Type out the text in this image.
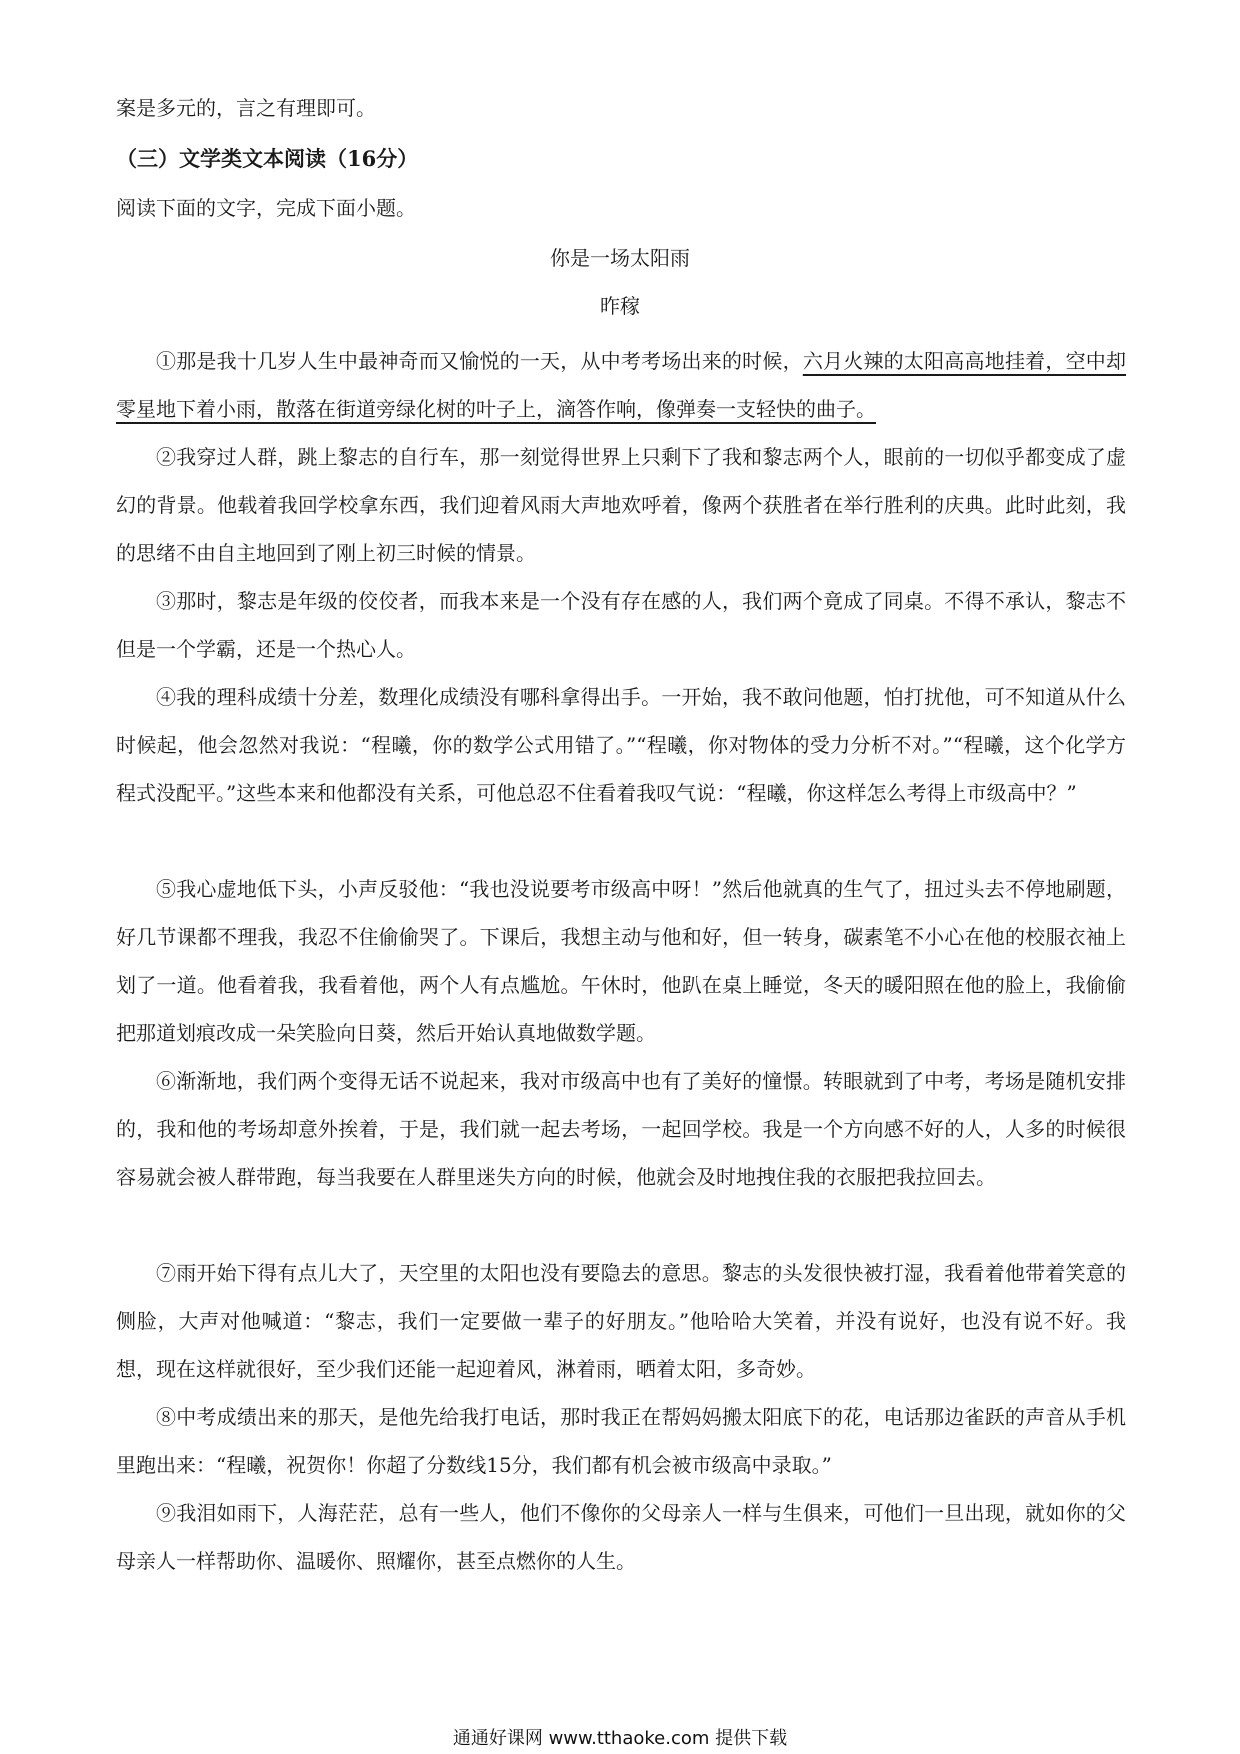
案是多元的，言之有理即可。
（三）文学类文本阅读（16分）
阅读下面的文字，完成下面小题。
你是一场太阳雨
昨稼

①那是我十几岁人生中最神奇而又愉悦的一天，从中考考场出来的时候，六月火辣的太阳高高地挂着，空中却零星地下着小雨，散落在街道旁绿化树的叶子上，滴答作响，像弹奏一支轻快的曲子。

②我穿过人群，跳上黎志的自行车，那一刻觉得世界上只剩下了我和黎志两个人，眼前的一切似乎都变成了虚幻的背景。他载着我回学校拿东西，我们迎着风雨大声地欢呼着，像两个获胜者在举行胜利的庆典。此时此刻，我的思绪不由自主地回到了刚上初三时候的情景。

③那时，黎志是年级的佼佼者，而我本来是一个没有存在感的人，我们两个竟成了同桌。不得不承认，黎志不但是一个学霸，还是一个热心人。

④我的理科成绩十分差，数理化成绩没有哪科拿得出手。一开始，我不敢问他题，怕打扰他，可不知道从什么时候起，他会忽然对我说：“程曦，你的数学公式用错了。”“程曦，你对物体的受力分析不对。”“程曦，这个化学方程式没配平。”这些本来和他都没有关系，可他总忍不住看着我叹气说：“程曦，你这样怎么考得上市级高中？”

⑤我心虚地低下头，小声反驳他：“我也没说要考市级高中呀！”然后他就真的生气了，扭过头去不停地刷题，好几节课都不理我，我忍不住偷偷哭了。下课后，我想主动与他和好，但一转身，碳素笔不小心在他的校服衣袖上划了一道。他看着我，我看着他，两个人有点尴尬。午休时，他趴在桌上睡觉，冬天的暖阳照在他的脸上，我偷偷把那道划痕改成一朵笑脸向日葵，然后开始认真地做数学题。

⑥渐渐地，我们两个变得无话不说起来，我对市级高中也有了美好的憧憬。转眼就到了中考，考场是随机安排的，我和他的考场却意外挨着，于是，我们就一起去考场，一起回学校。我是一个方向感不好的人，人多的时候很容易就会被人群带跑，每当我要在人群里迷失方向的时候，他就会及时地拽住我的衣服把我拉回去。

⑦雨开始下得有点儿大了，天空里的太阳也没有要隐去的意思。黎志的头发很快被打湿，我看着他带着笑意的侧脸，大声对他喊道：“黎志，我们一定要做一辈子的好朋友。”他哈哈大笑着，并没有说好，也没有说不好。我想，现在这样就很好，至少我们还能一起迎着风，淋着雨，晒着太阳，多奇妙。

⑧中考成绩出来的那天，是他先给我打电话，那时我正在帮妈妈搬太阳底下的花，电话那边雀跃的声音从手机里跑出来：“程曦，祝贺你！你超了分数线15分，我们都有机会被市级高中录取。”

⑨我泪如雨下，人海茫茫，总有一些人，他们不像你的父母亲人一样与生俱来，可他们一旦出现，就如你的父母亲人一样帮助你、温暖你、照耀你，甚至点燃你的人生。

通通好课网 www.tthaoke.com 提供下载
